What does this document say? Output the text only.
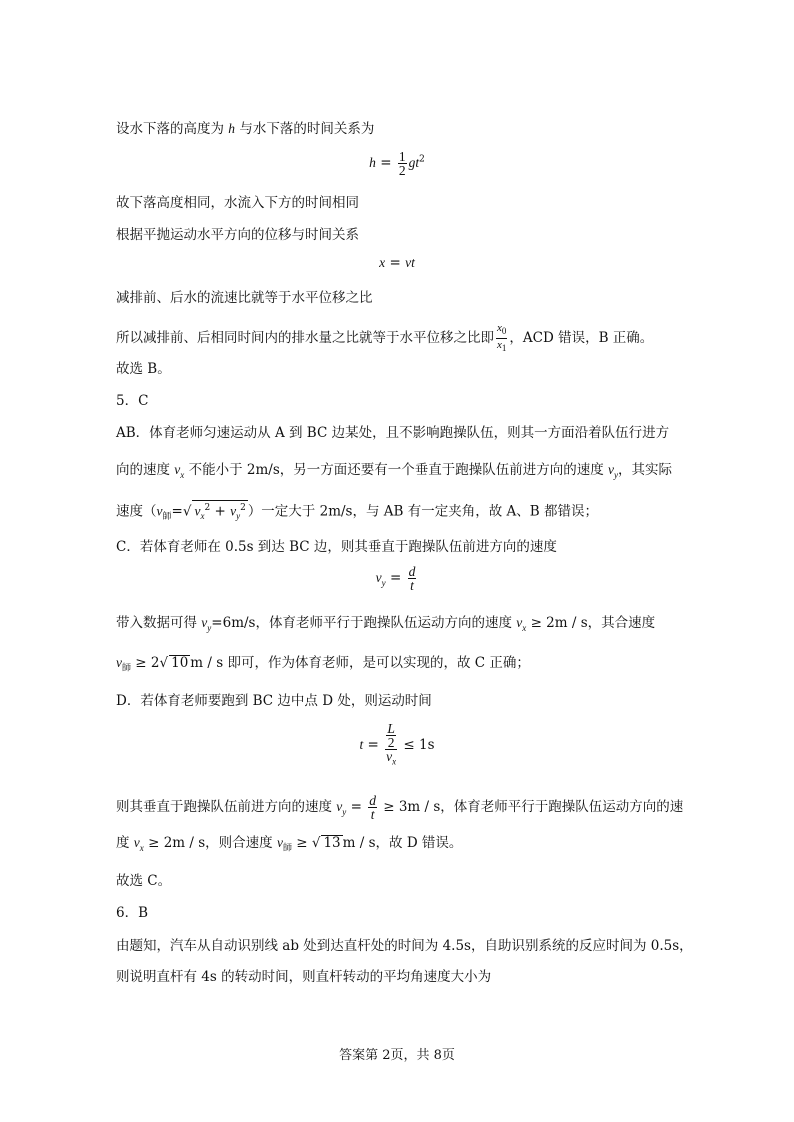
设水下落的高度为 h 与水下落的时间关系为
$h = \frac{1}{2} gt^2$
故下落高度相同，水流入下方的时间相同
根据平抛运动水平方向的位移与时间关系
x = vt
减排前、后水的流速比就等于水平位移之比
所以减排前、后相同时间内的排水量之比就等于水平位移之比即 $\frac{x_0}{x_1}$ ，ACD 错误，B 正确。
故选 B。
5．C
AB．体育老师匀速运动从 A 到 BC 边某处，且不影响跑操队伍，则其一方面沿着队伍行进方
向的速度 $v_x$ 不能小于 2m/s，另一方面还要有一个垂直于跑操队伍前进方向的速度 $v_y$，其实际
速度（$v_師=√$ $v_x^2 + v_y^2$ ）一定大于 2m/s，与 AB 有一定夹角，故 A、B 都错误；
C．若体育老师在 0.5s 到达 BC 边，则其垂直于跑操队伍前进方向的速度
$v_y = \frac{d}{t}$
带入数据可得 $v_y=6m/s$，体育老师平行于跑操队伍运动方向的速度 $v_x \ge 2m / s$，其合速度
$v_師 \ge 2√$ 10 m / s 即可，作为体育老师，是可以实现的，故 C 正确；
D．若体育老师要跑到 BC 边中点 D 处，则运动时间
$t = \frac{\frac{L}{2}}{v_x} \le 1s$
则其垂直于跑操队伍前进方向的速度 $v_y = \frac{d}{t} \ge 3m / s$，体育老师平行于跑操队伍运动方向的速
度 $v_x \ge 2m / s$，则合速度 $v_師$ ≥ √ 13 m / s，故 D 错误。
故选 C。
6．B
由题知，汽车从自动识别线 ab 处到达直杆处的时间为 4.5s，自助识别系统的反应时间为 0.5s，
则说明直杆有 4s 的转动时间，则直杆转动的平均角速度大小为
答案第 2页，共 8页
